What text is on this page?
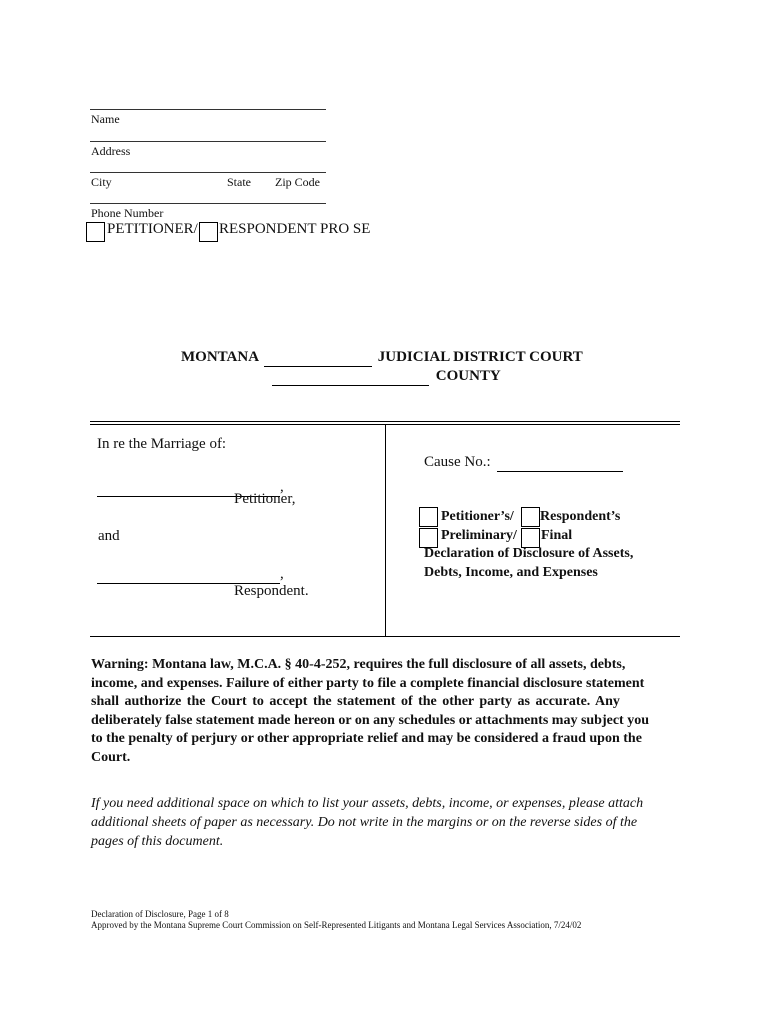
Name
Address
City	State Zip Code
Phone Number
PETITIONER/ RESPONDENT PRO SE
MONTANA	JUDICIAL DISTRICT COURT
COUNTY
In re the Marriage of:
,
Petitioner,
and
,
Respondent.
Cause No.:
Petitioner’s/ Respondent’s
Preliminary/ Final
Declaration of Disclosure of Assets,
Debts, Income, and Expenses
Warning: Montana law, M.C.A. § 40-4-252, requires the full disclosure of all assets, debts,
income, and expenses. Failure of either party to file a complete financial disclosure statement
shall authorize the Court to accept the statement of the other party as accurate. Any
deliberately false statement made hereon or on any schedules or attachments may subject you
to the penalty of perjury or other appropriate relief and may be considered a fraud upon the
Court.
If you need additional space on which to list your assets, debts, income, or expenses, please attach
additional sheets of paper as necessary. Do not write in the margins or on the reverse sides of the
pages of this document.
Declaration of Disclosure, Page 1 of 8
Approved by the Montana Supreme Court Commission on Self-Represented Litigants and Montana Legal Services Association, 7/24/02
